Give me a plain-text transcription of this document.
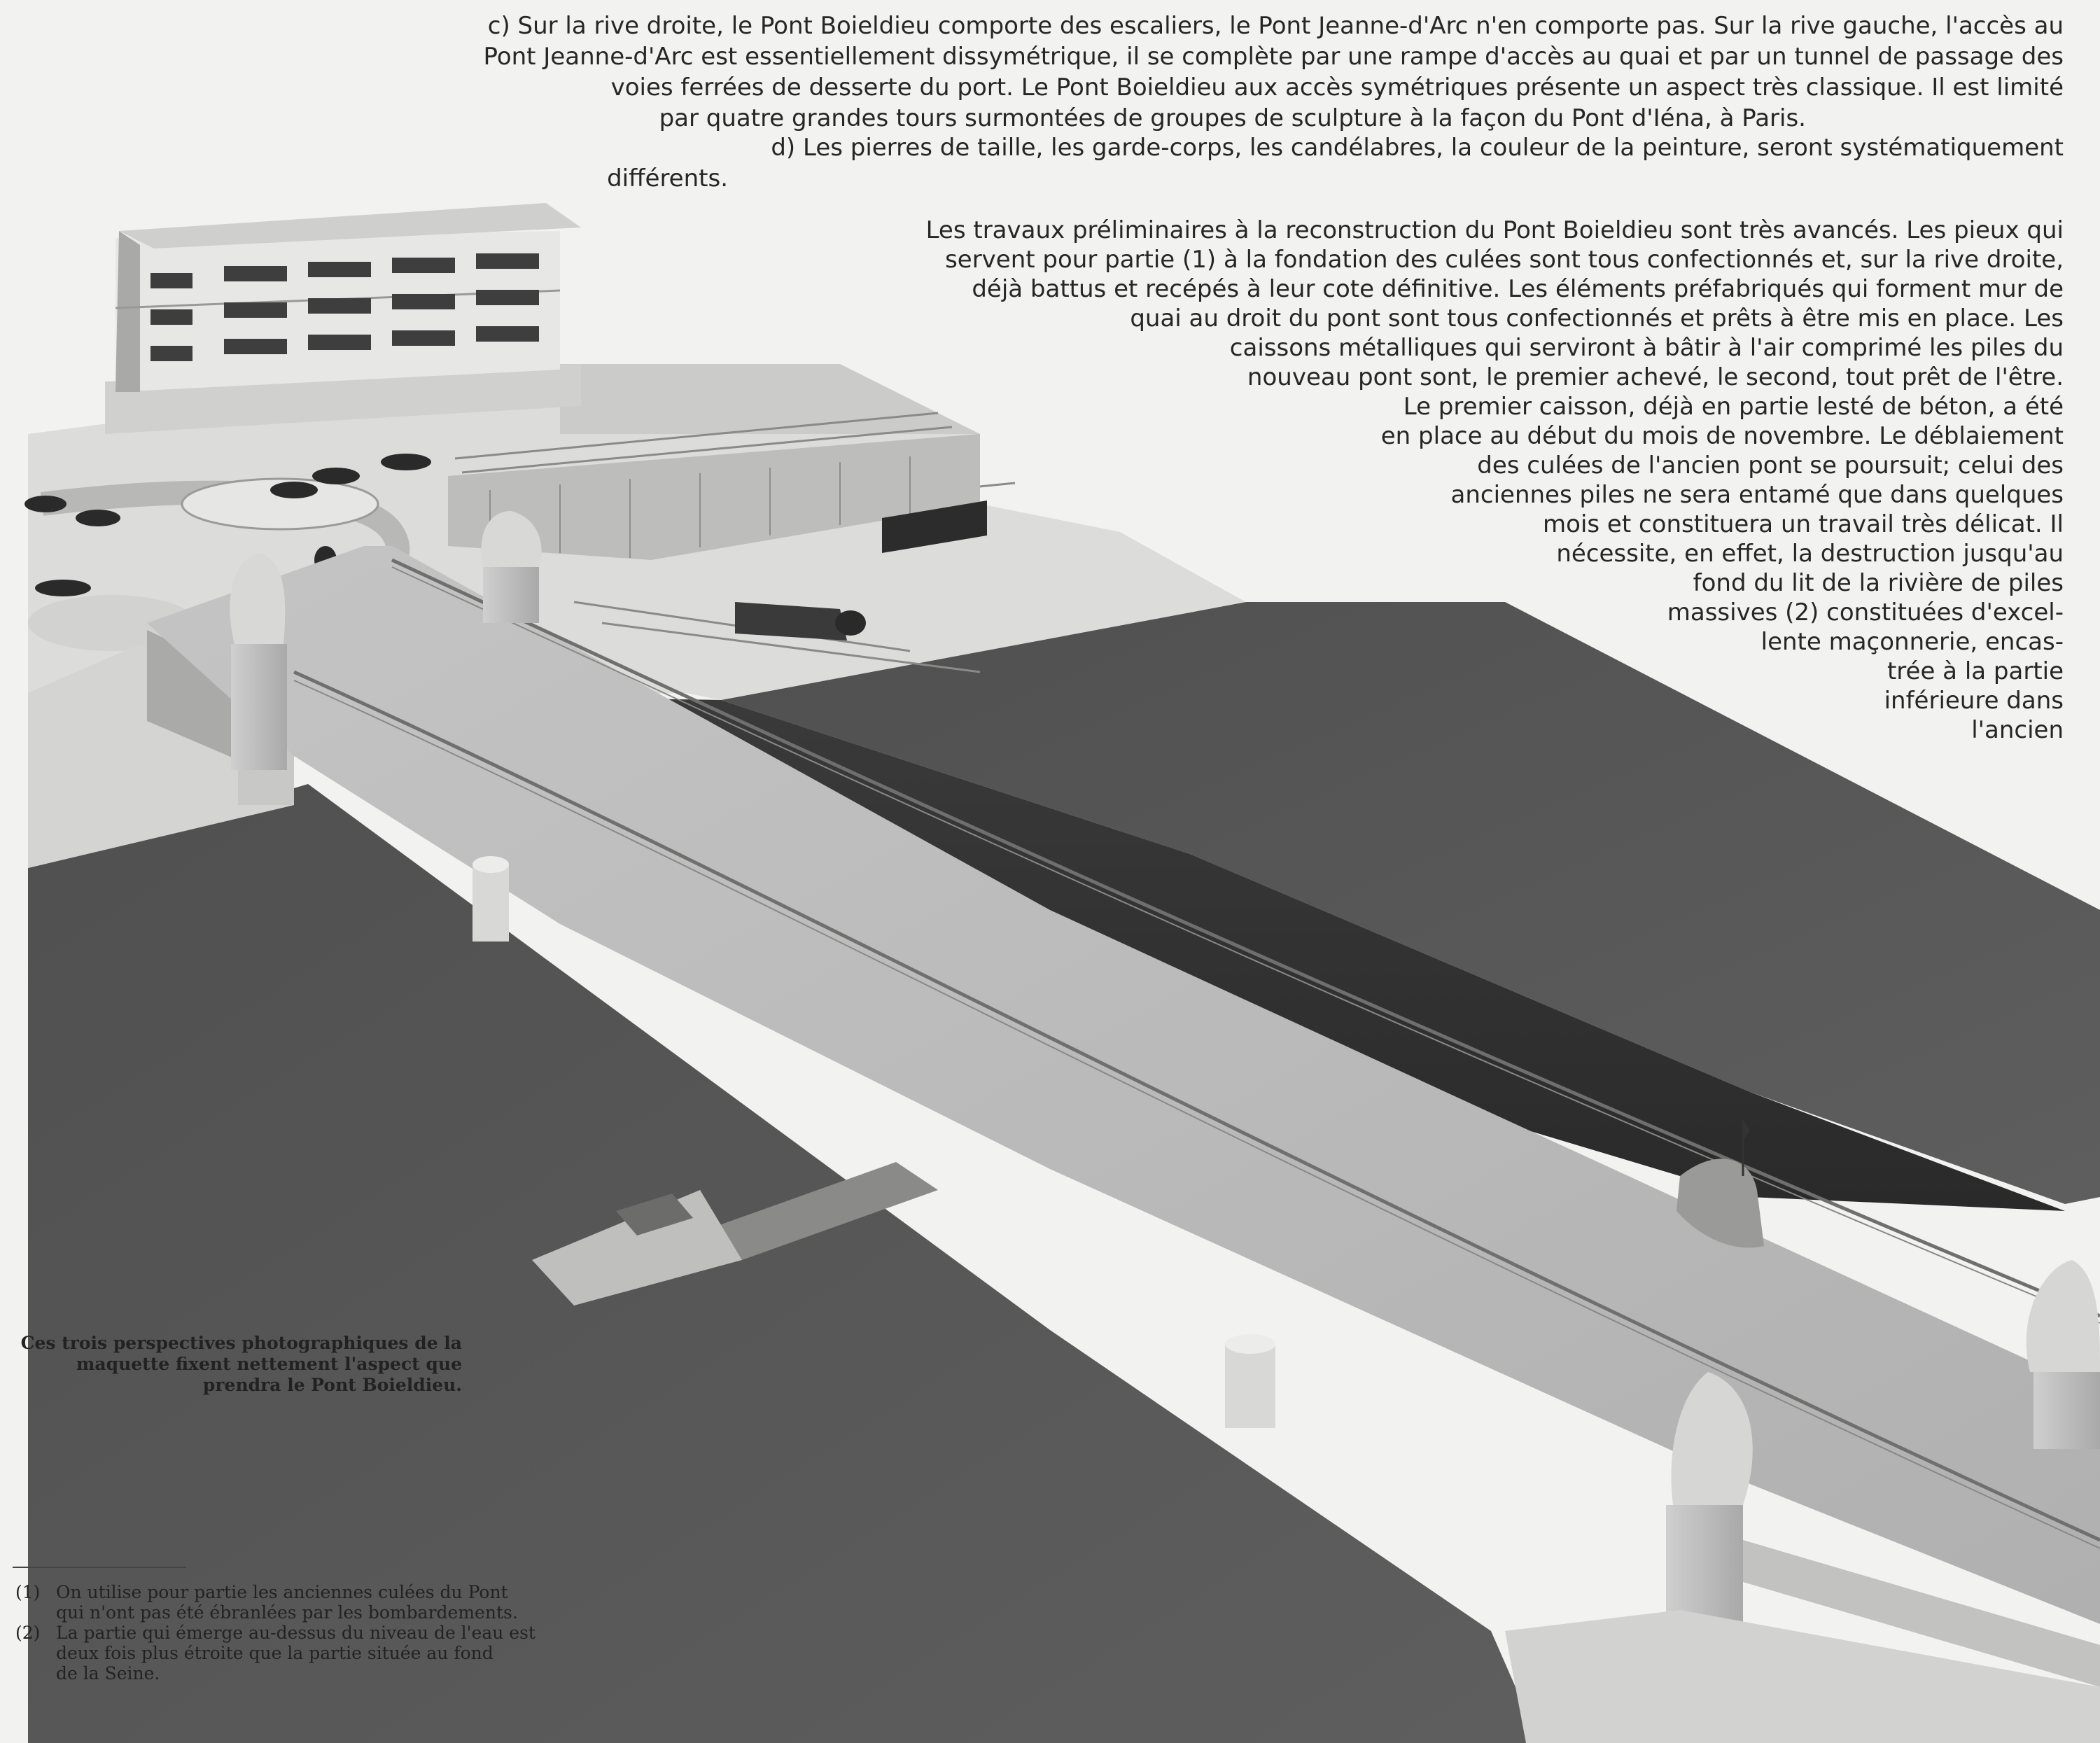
c) Sur la rive droite, le Pont Boieldieu comporte des escaliers, le Pont Jeanne-d'Arc n'en comporte pas. Sur la rive gauche, l'accès au

Pont Jeanne-d'Arc est essentiellement dissymétrique, il se complète par une rampe d'accès au quai et par un tunnel de passage des

voies ferrées de desserte du port. Le Pont Boieldieu aux accès symétriques présente un aspect très classique. Il est limité

par quatre grandes tours surmontées de groupes de sculpture à la façon du Pont d'Iéna, à Paris.

d) Les pierres de taille, les garde-corps, les candélabres, la couleur de la peinture, seront systématiquement

différents.

Les travaux préliminaires à la reconstruction du Pont Boieldieu sont très avancés. Les pieux qui

servent pour partie (1) à la fondation des culées sont tous confectionnés et, sur la rive droite,

déjà battus et recépés à leur cote définitive. Les éléments préfabriqués qui forment mur de

quai au droit du pont sont tous confectionnés et prêts à être mis en place. Les

caissons métalliques qui serviront à bâtir à l'air comprimé les piles du

nouveau pont sont, le premier achevé, le second, tout prêt de l'être.

Le premier caisson, déjà en partie lesté de béton, a été

en place au début du mois de novembre. Le déblaiement

des culées de l'ancien pont se poursuit; celui des

anciennes piles ne sera entamé que dans quelques

mois et constituera un travail très délicat. Il

nécessite, en effet, la destruction jusqu'au

fond du lit de la rivière de piles

massives (2) constituées d'excel-

lente maçonnerie, encas-

trée à la partie

inférieure dans

l'ancien

Ces trois perspectives photographiques de la
maquette fixent nettement l'aspect que
prendra le Pont Boieldieu.

(1) On utilise pour partie les anciennes culées du Pont
qui n'ont pas été ébranlées par les bombardements.
(2) La partie qui émerge au-dessus du niveau de l'eau est
deux fois plus étroite que la partie située au fond
de la Seine.
